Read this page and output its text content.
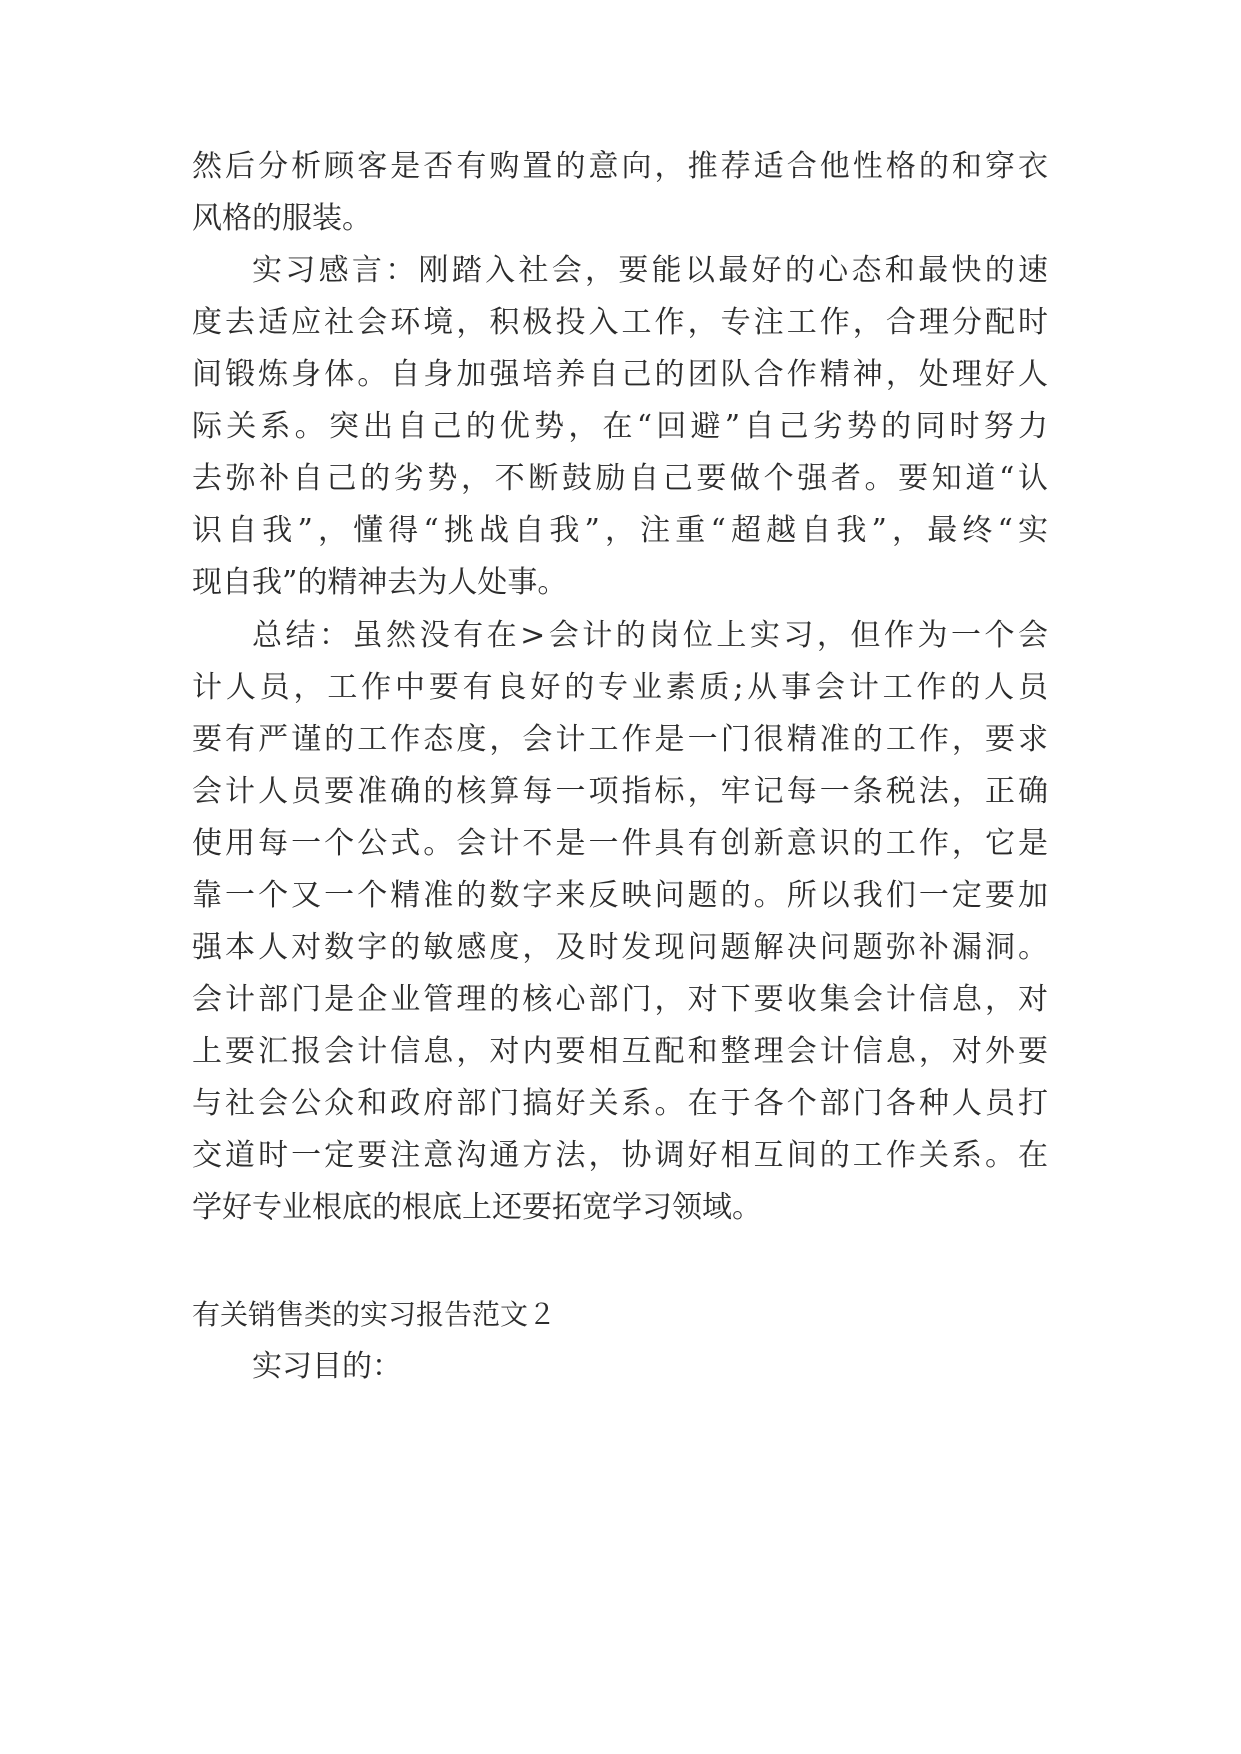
然后分析顾客是否有购置的意向，推荐适合他性格的和穿衣
风格的服装。
实习感言：刚踏入社会，要能以最好的心态和最快的速
度去适应社会环境，积极投入工作，专注工作，合理分配时
间锻炼身体。自身加强培养自己的团队合作精神，处理好人
际关系。突出自己的优势，在“回避”自己劣势的同时努力
去弥补自己的劣势，不断鼓励自己要做个强者。要知道“认
识自我”，懂得“挑战自我”，注重“超越自我”，最终“实
现自我”的精神去为人处事。
总结：虽然没有在>会计的岗位上实习，但作为一个会
计人员，工作中要有良好的专业素质;从事会计工作的人员
要有严谨的工作态度，会计工作是一门很精准的工作，要求
会计人员要准确的核算每一项指标，牢记每一条税法，正确
使用每一个公式。会计不是一件具有创新意识的工作，它是
靠一个又一个精准的数字来反映问题的。所以我们一定要加
强本人对数字的敏感度，及时发现问题解决问题弥补漏洞。
会计部门是企业管理的核心部门，对下要收集会计信息，对
上要汇报会计信息，对内要相互配和整理会计信息，对外要
与社会公众和政府部门搞好关系。在于各个部门各种人员打
交道时一定要注意沟通方法，协调好相互间的工作关系。在
学好专业根底的根底上还要拓宽学习领域。
有关销售类的实习报告范文２
实习目的：
